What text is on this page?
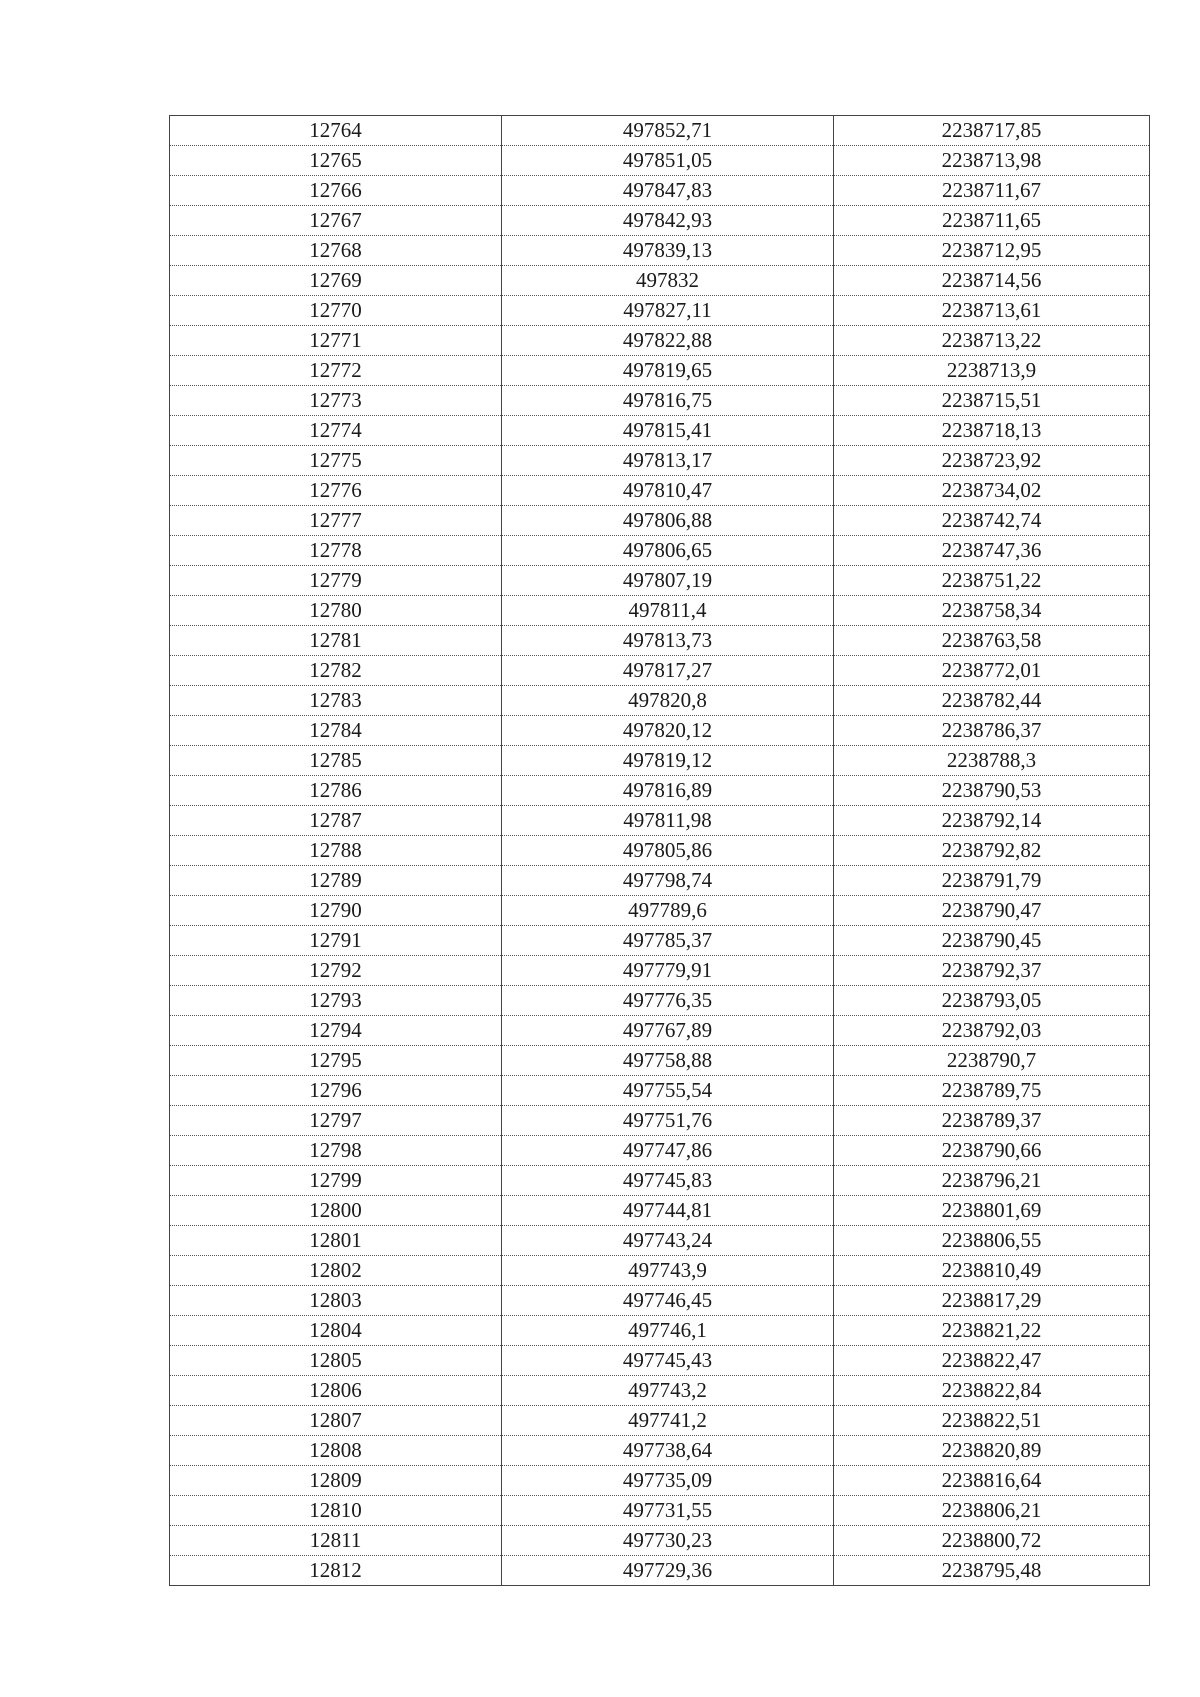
12764	497852,71	2238717,85
12765	497851,05	2238713,98
12766	497847,83	2238711,67
12767	497842,93	2238711,65
12768	497839,13	2238712,95
12769	497832	2238714,56
12770	497827,11	2238713,61
12771	497822,88	2238713,22
12772	497819,65	2238713,9
12773	497816,75	2238715,51
12774	497815,41	2238718,13
12775	497813,17	2238723,92
12776	497810,47	2238734,02
12777	497806,88	2238742,74
12778	497806,65	2238747,36
12779	497807,19	2238751,22
12780	497811,4	2238758,34
12781	497813,73	2238763,58
12782	497817,27	2238772,01
12783	497820,8	2238782,44
12784	497820,12	2238786,37
12785	497819,12	2238788,3
12786	497816,89	2238790,53
12787	497811,98	2238792,14
12788	497805,86	2238792,82
12789	497798,74	2238791,79
12790	497789,6	2238790,47
12791	497785,37	2238790,45
12792	497779,91	2238792,37
12793	497776,35	2238793,05
12794	497767,89	2238792,03
12795	497758,88	2238790,7
12796	497755,54	2238789,75
12797	497751,76	2238789,37
12798	497747,86	2238790,66
12799	497745,83	2238796,21
12800	497744,81	2238801,69
12801	497743,24	2238806,55
12802	497743,9	2238810,49
12803	497746,45	2238817,29
12804	497746,1	2238821,22
12805	497745,43	2238822,47
12806	497743,2	2238822,84
12807	497741,2	2238822,51
12808	497738,64	2238820,89
12809	497735,09	2238816,64
12810	497731,55	2238806,21
12811	497730,23	2238800,72
12812	497729,36	2238795,48
